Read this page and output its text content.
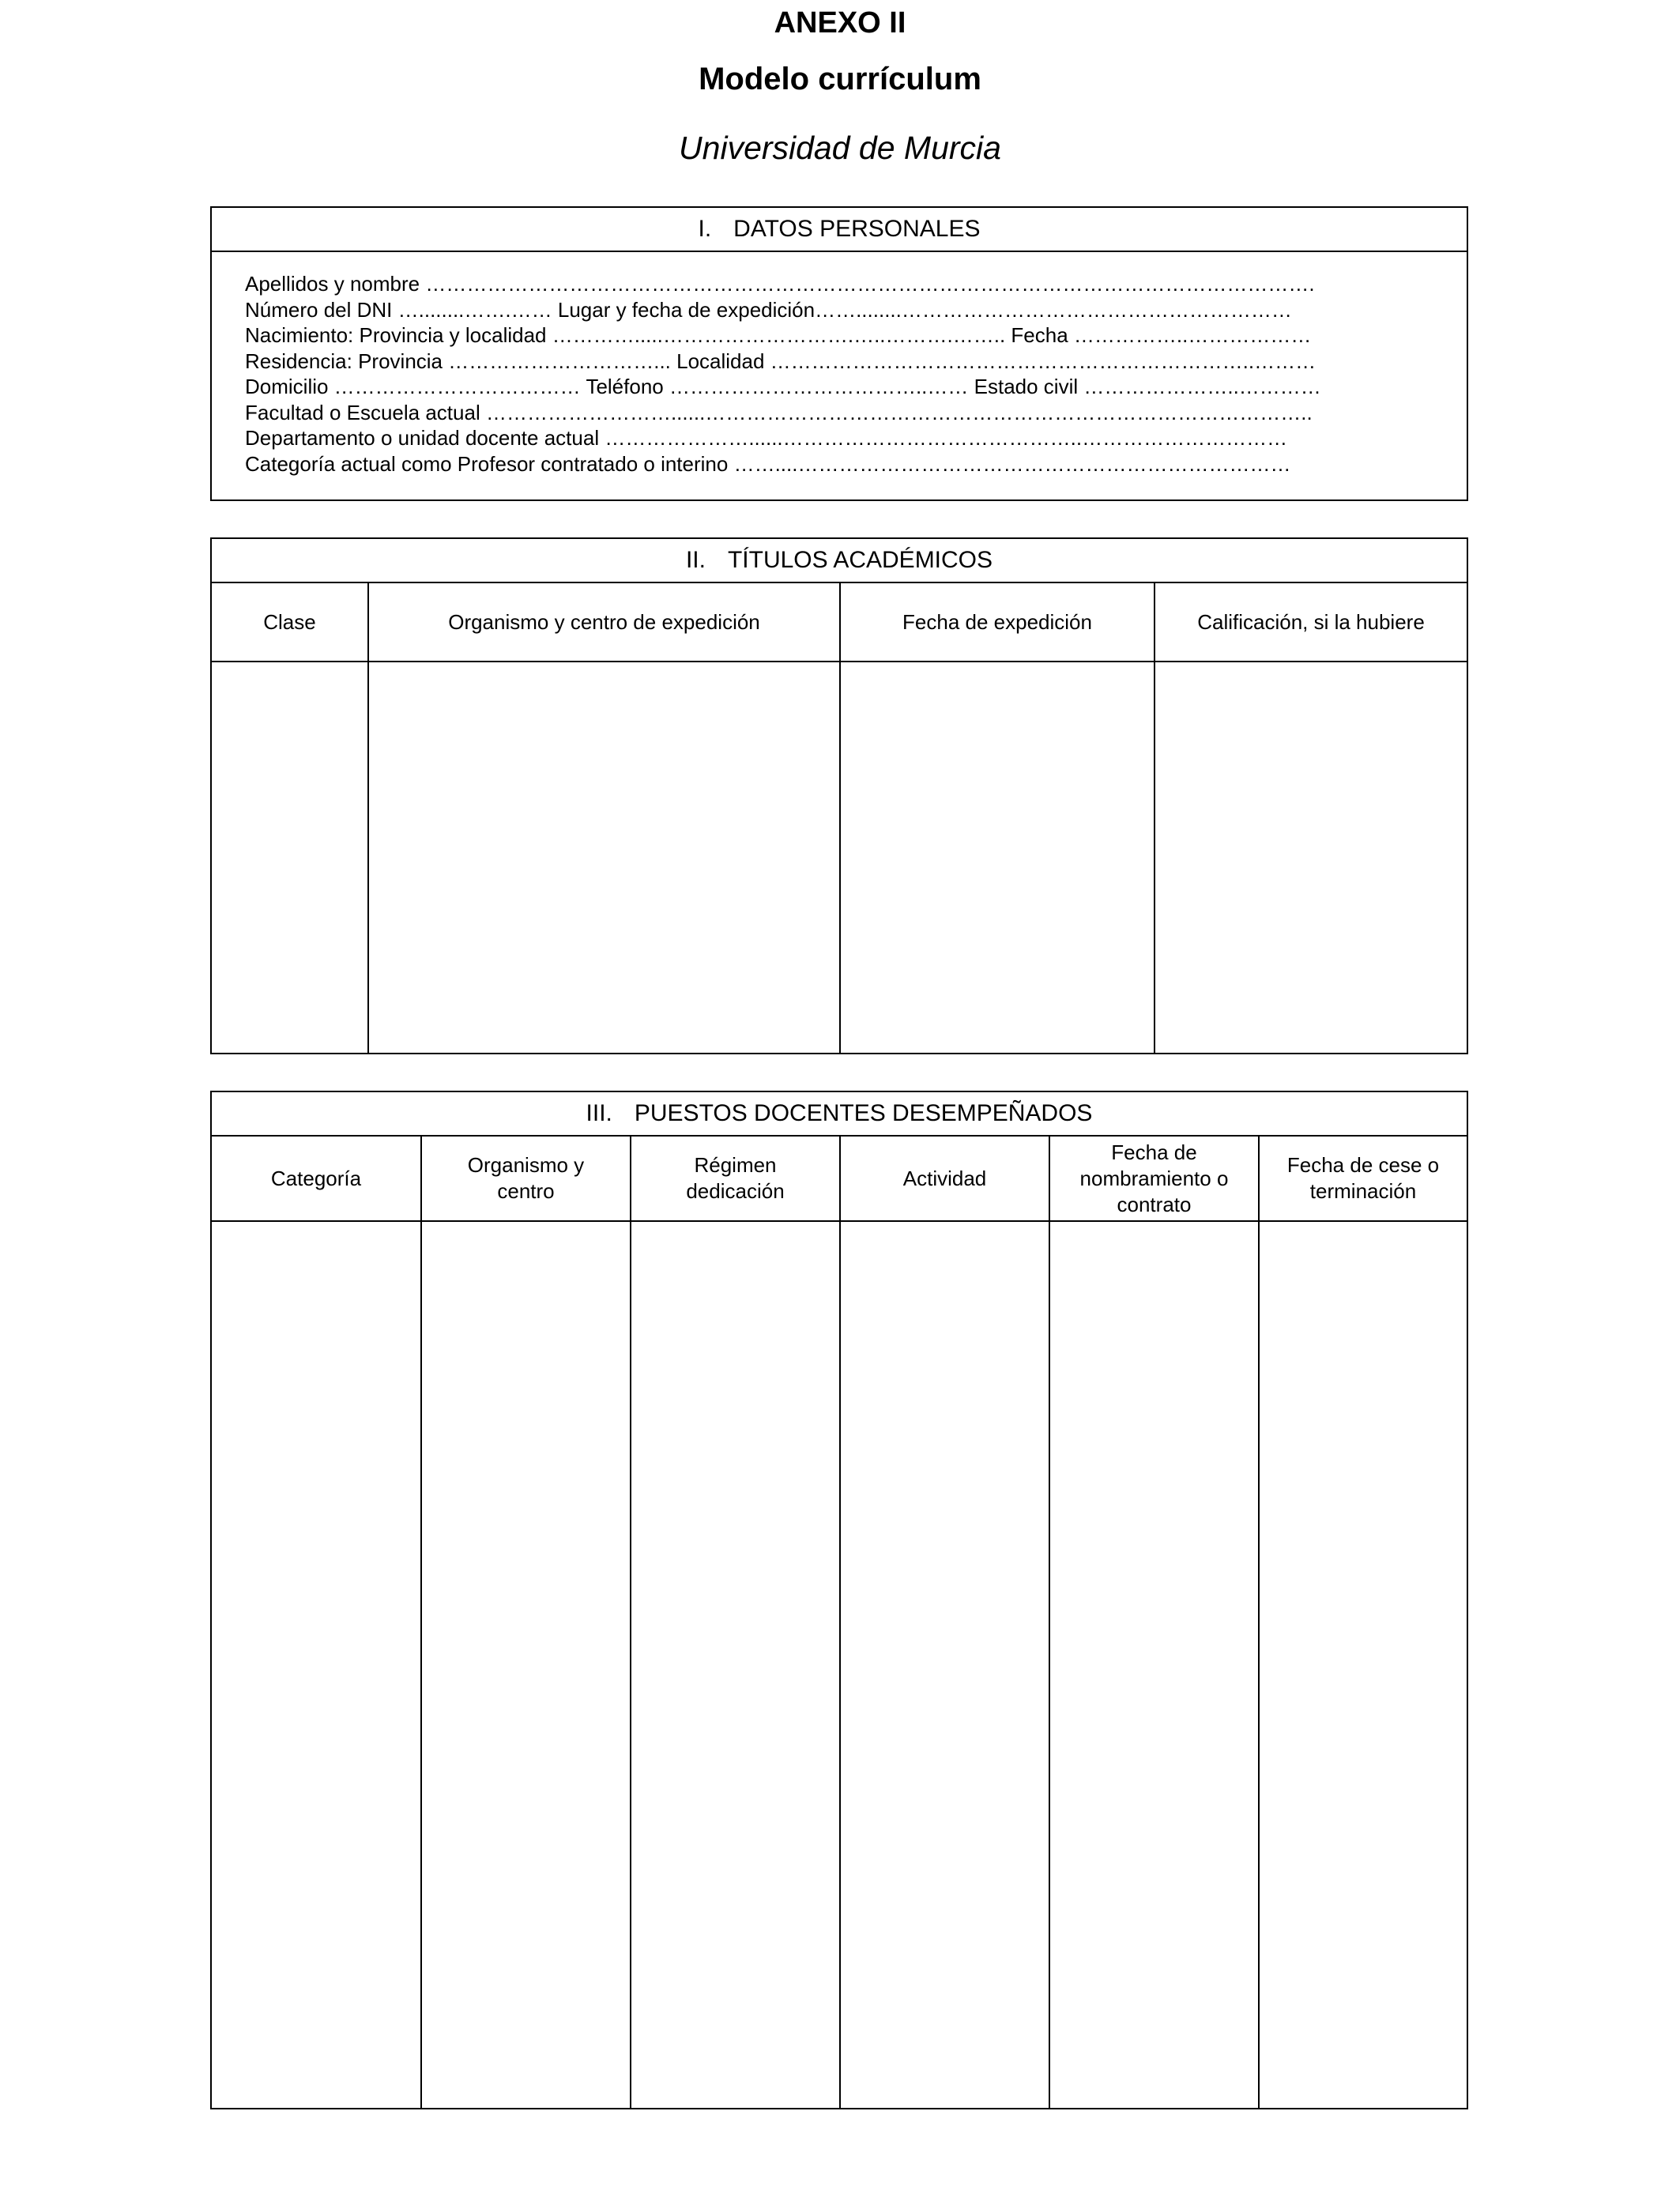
ANEXO II
Modelo currículum
Universidad de Murcia
I. DATOS PERSONALES
Apellidos y nombre ………………………………………………………………………………………………………………….
Número del DNI …........…….…… Lugar y fecha de expedición……........…………………………………………………
Nacimiento: Provincia y localidad ………….....……………………….…..……….…….. Fecha ……………..………………
Residencia: Provincia …………………………... Localidad ……………………………………………………………..………
Domicilio ……………………………… Teléfono ………………………………..…… Estado civil …………………..…………
Facultad o Escuela actual ………………………......……………………………………………………………………………..
Departamento o unidad docente actual …………………......……………………………………..…………………………
Categoría actual como Profesor contratado o interino ……....………………………………………………………………
II. TÍTULOS ACADÉMICOS
Clase	Organismo y centro de expedición	Fecha de expedición	Calificación, si la hubiere

III. PUESTOS DOCENTES DESEMPEÑADOS
Categoría	Organismo y centro	Régimen dedicación	Actividad	Fecha de nombramiento o contrato	Fecha de cese o terminación
